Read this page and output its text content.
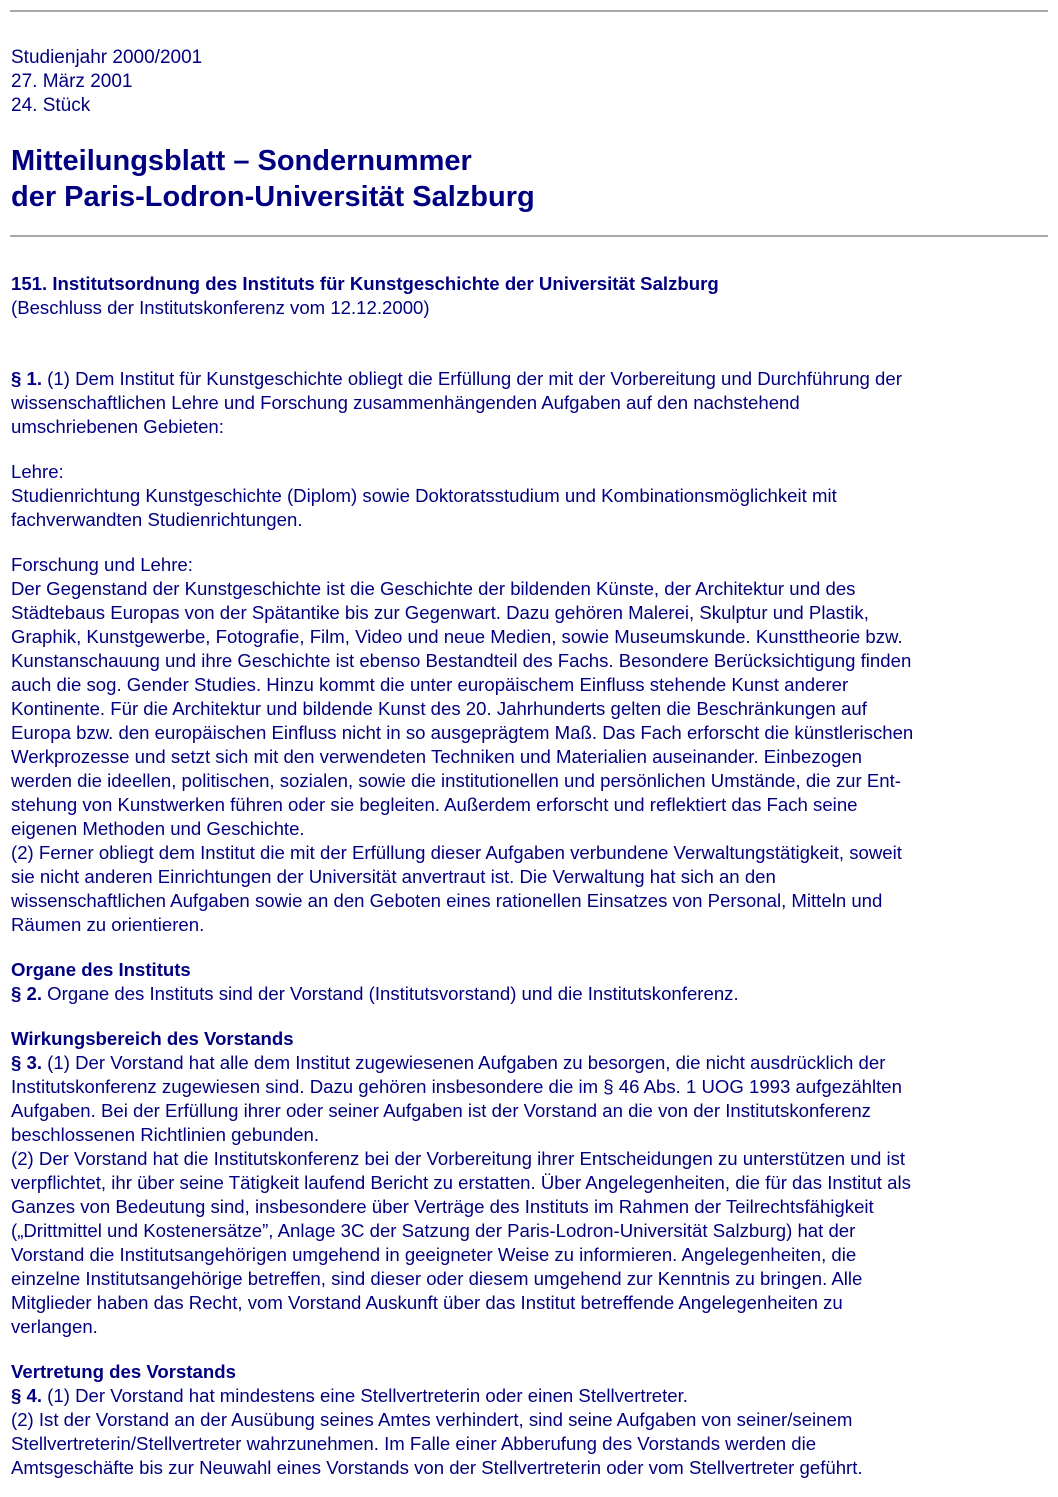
Studienjahr 2000/2001
27. März 2001
24. Stück
Mitteilungsblatt – Sondernummer
der Paris-Lodron-Universität Salzburg
151. Institutsordnung des Instituts für Kunstgeschichte der Universität Salzburg
(Beschluss der Institutskonferenz vom 12.12.2000)
§ 1. (1) Dem Institut für Kunstgeschichte obliegt die Erfüllung der mit der Vorbereitung und Durchführung der
wissenschaftlichen Lehre und Forschung zusammenhängenden Aufgaben auf den nachstehend
umschriebenen Gebieten:
Lehre:
Studienrichtung Kunstgeschichte (Diplom) sowie Doktoratsstudium und Kombinationsmöglichkeit mit
fachverwandten Studienrichtungen.
Forschung und Lehre:
Der Gegenstand der Kunstgeschichte ist die Geschichte der bildenden Künste, der Architektur und des
Städtebaus Europas von der Spätantike bis zur Gegenwart. Dazu gehören Malerei, Skulptur und Plastik,
Graphik, Kunstgewerbe, Fotografie, Film, Video und neue Medien, sowie Museumskunde. Kunsttheorie bzw.
Kunstanschauung und ihre Geschichte ist ebenso Bestandteil des Fachs. Besondere Berücksichtigung finden
auch die sog. Gender Studies. Hinzu kommt die unter europäischem Einfluss stehende Kunst anderer
Kontinente. Für die Architektur und bildende Kunst des 20. Jahrhunderts gelten die Beschränkungen auf
Europa bzw. den europäischen Einfluss nicht in so ausgeprägtem Maß. Das Fach erforscht die künstlerischen
Werkprozesse und setzt sich mit den verwendeten Techniken und Materialien auseinander. Einbezogen
werden die ideellen, politischen, sozialen, sowie die institutionellen und persönlichen Umstände, die zur Ent-
stehung von Kunstwerken führen oder sie begleiten. Außerdem erforscht und reflektiert das Fach seine
eigenen Methoden und Geschichte.
(2) Ferner obliegt dem Institut die mit der Erfüllung dieser Aufgaben verbundene Verwaltungstätigkeit, soweit
sie nicht anderen Einrichtungen der Universität anvertraut ist. Die Verwaltung hat sich an den
wissenschaftlichen Aufgaben sowie an den Geboten eines rationellen Einsatzes von Personal, Mitteln und
Räumen zu orientieren.
Organe des Instituts
§ 2. Organe des Instituts sind der Vorstand (Institutsvorstand) und die Institutskonferenz.
Wirkungsbereich des Vorstands
§ 3. (1) Der Vorstand hat alle dem Institut zugewiesenen Aufgaben zu besorgen, die nicht ausdrücklich der
Institutskonferenz zugewiesen sind. Dazu gehören insbesondere die im § 46 Abs. 1 UOG 1993 aufgezählten
Aufgaben. Bei der Erfüllung ihrer oder seiner Aufgaben ist der Vorstand an die von der Institutskonferenz
beschlossenen Richtlinien gebunden.
(2) Der Vorstand hat die Institutskonferenz bei der Vorbereitung ihrer Entscheidungen zu unterstützen und ist
verpflichtet, ihr über seine Tätigkeit laufend Bericht zu erstatten. Über Angelegenheiten, die für das Institut als
Ganzes von Bedeutung sind, insbesondere über Verträge des Instituts im Rahmen der Teilrechtsfähigkeit
(„Drittmittel und Kostenersätze”, Anlage 3C der Satzung der Paris-Lodron-Universität Salzburg) hat der
Vorstand die Institutsangehörigen umgehend in geeigneter Weise zu informieren. Angelegenheiten, die
einzelne Institutsangehörige betreffen, sind dieser oder diesem umgehend zur Kenntnis zu bringen. Alle
Mitglieder haben das Recht, vom Vorstand Auskunft über das Institut betreffende Angelegenheiten zu
verlangen.
Vertretung des Vorstands
§ 4. (1) Der Vorstand hat mindestens eine Stellvertreterin oder einen Stellvertreter.
(2) Ist der Vorstand an der Ausübung seines Amtes verhindert, sind seine Aufgaben von seiner/seinem
Stellvertreterin/Stellvertreter wahrzunehmen. Im Falle einer Abberufung des Vorstands werden die
Amtsgeschäfte bis zur Neuwahl eines Vorstands von der Stellvertreterin oder vom Stellvertreter geführt.
